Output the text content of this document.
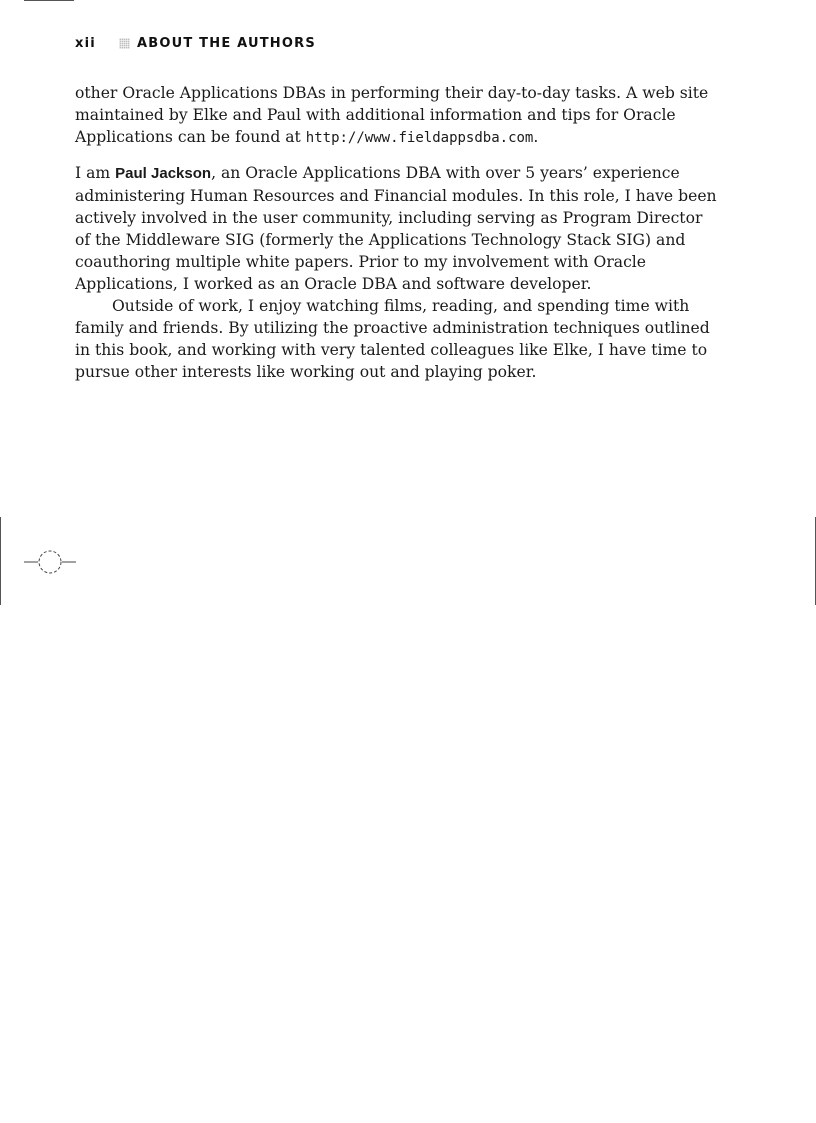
xii	ABOUT THE AUTHORS

other Oracle Applications DBAs in performing their day-to-day tasks. A web site maintained by Elke and Paul with additional information and tips for Oracle Applications can be found at http://www.fieldappsdba.com.

I am Paul Jackson, an Oracle Applications DBA with over 5 years’ experience administering Human Resources and Financial modules. In this role, I have been actively involved in the user community, including serving as Program Director of the Middleware SIG (formerly the Applications Technology Stack SIG) and coauthoring multiple white papers. Prior to my involvement with Oracle Applications, I worked as an Oracle DBA and software developer.

Outside of work, I enjoy watching films, reading, and spending time with family and friends. By utilizing the proactive administration techniques outlined in this book, and working with very talented colleagues like Elke, I have time to pursue other interests like working out and playing poker.
